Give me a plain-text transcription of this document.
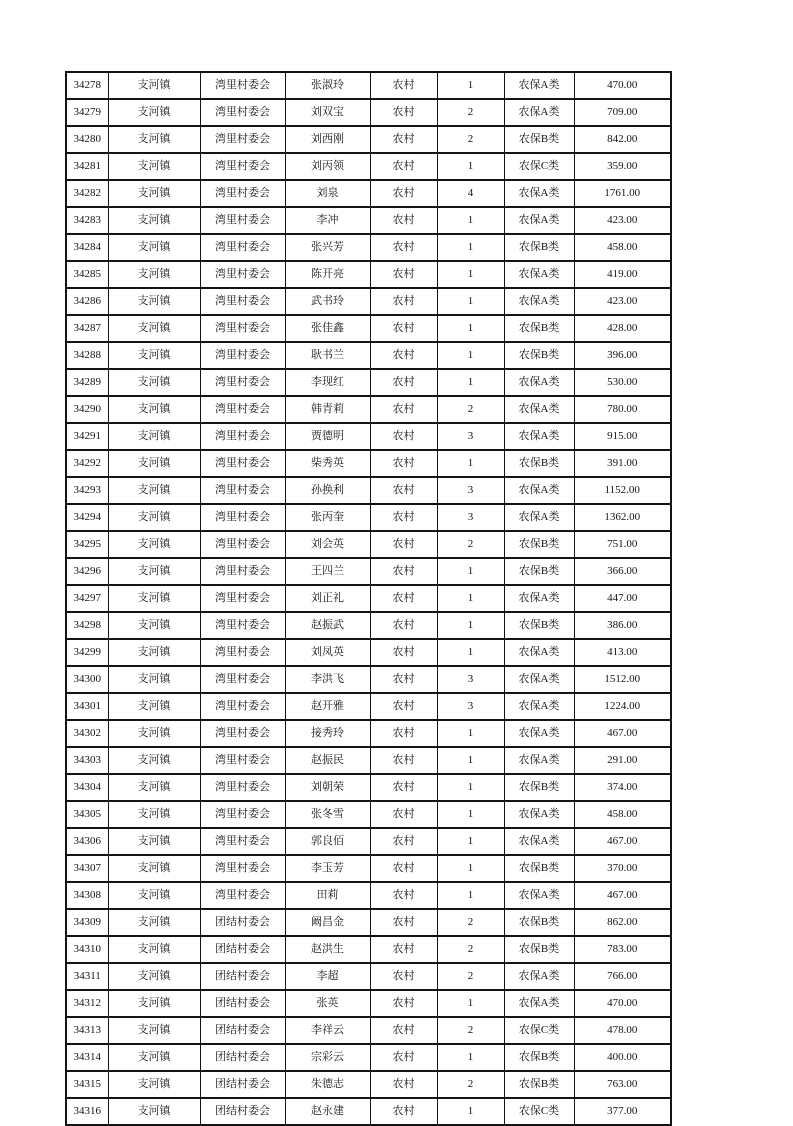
34278	支河镇	湾里村委会	张淑玲	农村	1	农保A类	470.00
34279	支河镇	湾里村委会	刘双宝	农村	2	农保A类	709.00
34280	支河镇	湾里村委会	刘西刚	农村	2	农保B类	842.00
34281	支河镇	湾里村委会	刘丙领	农村	1	农保C类	359.00
34282	支河镇	湾里村委会	刘泉	农村	4	农保A类	1761.00
34283	支河镇	湾里村委会	李冲	农村	1	农保A类	423.00
34284	支河镇	湾里村委会	张兴芳	农村	1	农保B类	458.00
34285	支河镇	湾里村委会	陈开亮	农村	1	农保A类	419.00
34286	支河镇	湾里村委会	武书玲	农村	1	农保A类	423.00
34287	支河镇	湾里村委会	张佳鑫	农村	1	农保B类	428.00
34288	支河镇	湾里村委会	耿书兰	农村	1	农保B类	396.00
34289	支河镇	湾里村委会	李现红	农村	1	农保A类	530.00
34290	支河镇	湾里村委会	韩青莉	农村	2	农保A类	780.00
34291	支河镇	湾里村委会	贾德明	农村	3	农保A类	915.00
34292	支河镇	湾里村委会	柴秀英	农村	1	农保B类	391.00
34293	支河镇	湾里村委会	孙换利	农村	3	农保A类	1152.00
34294	支河镇	湾里村委会	张丙奎	农村	3	农保A类	1362.00
34295	支河镇	湾里村委会	刘会英	农村	2	农保B类	751.00
34296	支河镇	湾里村委会	王四兰	农村	1	农保B类	366.00
34297	支河镇	湾里村委会	刘正礼	农村	1	农保A类	447.00
34298	支河镇	湾里村委会	赵振武	农村	1	农保B类	386.00
34299	支河镇	湾里村委会	刘凤英	农村	1	农保A类	413.00
34300	支河镇	湾里村委会	李洪飞	农村	3	农保A类	1512.00
34301	支河镇	湾里村委会	赵开雅	农村	3	农保A类	1224.00
34302	支河镇	湾里村委会	接秀玲	农村	1	农保A类	467.00
34303	支河镇	湾里村委会	赵振民	农村	1	农保A类	291.00
34304	支河镇	湾里村委会	刘朝荣	农村	1	农保B类	374.00
34305	支河镇	湾里村委会	张冬雪	农村	1	农保A类	458.00
34306	支河镇	湾里村委会	郭良佰	农村	1	农保A类	467.00
34307	支河镇	湾里村委会	李玉芳	农村	1	农保B类	370.00
34308	支河镇	湾里村委会	田莉	农村	1	农保A类	467.00
34309	支河镇	团结村委会	阚昌金	农村	2	农保B类	862.00
34310	支河镇	团结村委会	赵洪生	农村	2	农保B类	783.00
34311	支河镇	团结村委会	李超	农村	2	农保A类	766.00
34312	支河镇	团结村委会	张英	农村	1	农保A类	470.00
34313	支河镇	团结村委会	李祥云	农村	2	农保C类	478.00
34314	支河镇	团结村委会	宗彩云	农村	1	农保B类	400.00
34315	支河镇	团结村委会	朱德志	农村	2	农保B类	763.00
34316	支河镇	团结村委会	赵永建	农村	1	农保C类	377.00
